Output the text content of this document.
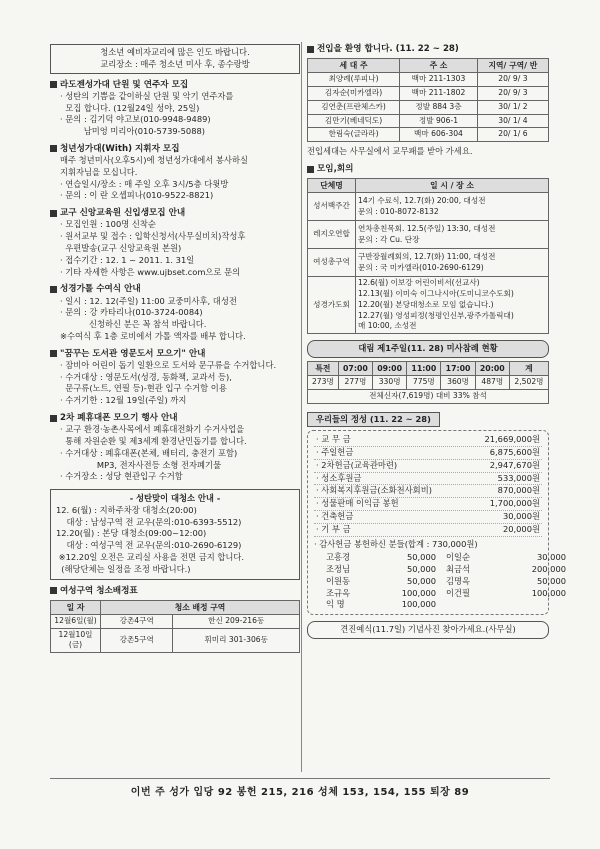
청소년 예비자교리에 많은 인도 바랍니다.
교리장소 : 매주 청소년 미사 후, 종수랑방
라도젠성가대 단원 및 연주자 모집
· 성탄의 기쁨을 같이하실 단원 및 악기 연주자를
모집 합니다. (12월24일 성야, 25일)
· 문의 : 김기덕 야고보(010-9948-9489)
남미엉 미리아(010-5739-5088)
청년성가대(With) 지휘자 모집
매주 청년미사(오후5시)에 청년성가대에서 봉사하실
지휘자님을 모십니다.
· 연습일시/장소 : 매 주일 오후 3시/5층 다윗방
· 문의 : 이 란 오셉피나(010-9522-8821)
교구 신앙교육원 신입생모집 안내
· 모집인원 : 100명 신착순
· 원서교부 및 접수 : 입학신청서(사무실비치)작성후
우편발송(교구 신앙교육원 본원)
· 접수기간 : 12. 1 ~ 2011. 1. 31일
· 기타 자세한 사항은 www.ujbset.com으로 문의
성경가톨 수여식 안내
· 일시 : 12. 12(주일) 11:00 교중미사후, 대성전
· 문의 : 강 카타리나(010-3724-0084)
신청하신 분은 꼭 참석 바랍니다.
※수여식 후 1층 로비에서 가톨 액자를 배부 합니다.
"꿈꾸는 도서관 영문도서 모으기" 안내
· 잠비아 어린이 돕기 일환으로 도서와 문구류을 수거합니다.
· 수거대상 : 영문도서(성경, 동화책, 교과서 등),
문구류(노트, 연필 등)-현관 입구 수거함 이용
· 수거기한 : 12월 19일(주일) 까지
2차 폐휴대폰 모으기 행사 안내
· 교구 환경·농촌사목에서 폐휴대전화기 수거사업을
통해 자원순환 및 제3세계 환경난민돕기를 합니다.
· 수거대상 : 폐휴대폰(본체, 배터리, 충전기 포함)
MP3, 전자사전등 소형 전자폐기물
· 수거장소 : 성당 현관입구 수거함
- 성탄맞이 대청소 안내 -
12. 6(월) : 지하주차장 대청소(20:00)
대상 : 남성구역 전 교우(문의:010-6393-5512)
12.20(월) : 본당 대청소(09:00~12:00)
대상 : 여성구역 전 교우(문의:010-2690-6129)
※12.20일 오전은 교리실 사용을 전면 금지 합니다.
(해당단체는 일정을 조정 바랍니다.)
여성구역 청소배정표
일 자	청소 배정 구역	
12월6일(월)	강촌4구역	한신 209-216동
12월10일(금)	강촌5구역	휘미리 301-306동
전입을 환영 합니다. (11. 22 ~ 28)
세 대 주	주 소	지역/ 구역/ 반
최양례(루피나)	백마 211-1303	20/ 9/ 3
김자순(미카엘라)	백마 211-1802	20/ 9/ 3
김연춘(프란체스카)	정발 884 3층	30/ 1/ 2
김만기(베네딕도)	정발 906-1	30/ 1/ 4
한림숙(글라라)	백마 606-304	20/ 1/ 6
전입세대는 사무실에서 교무패를 받아 가세요.
모임,회의
단체명	일 시 / 장 소
성서백주간	14기 수료식, 12.7(화) 20:00, 대성전
문의 : 010-8072-8132
레지오연합	연차총친목회. 12.5(주일) 13:30, 대성전
문의 : 각 Cu. 단장
여성총구역	구반장월례회의, 12.7(화) 11:00, 대성전
문의 : 국 미카엘라(010-2690-6129)
성경가도회	12.6(월) 이보강 어린이비서(선교사)
12.13(월) 이미숙 이그나시아(도미니코수도회)
12.20(월) 본당대청소로 모임 없습니다.)
12.27(월) 영성피정(청평인신부,광주가톨릭대)
매 10:00, 소성전
대림 제1주일(11. 28) 미사참례 현황
특전	07:00	09:00	11:00	17:00	20:00	계
273명	277명	330명	775명	360명	487명	2,502명
전체신자(7,619명) 대비 33% 참석						
우리들의 정성 (11. 22 ~ 28)
· 교 무 금	21,669,000원
· 주일헌금	6,875,600원
· 2차헌금(교육관마련)	2,947,670원
· 성소후원금	533,000원
· 사회복지후원금(소화천사회비)	870,000원
· 성물판매 이익금 봉헌	1,700,000원
· 건축헌금	30,000원
· 기 부 금	20,000원
· 감사헌금 봉헌하신 분들(합계 : 730,000원)
고흥경	50,000 이일순	30,000
조정님	50,000 최금석	200,000
이원동	50,000 김명옥	50,000
조규옥	100,000 이건필	100,000
익 명	100,000
견진예식(11.7일) 기념사진 찾아가세요.(사무실)
이번 주 성가 입당 92 봉헌 215, 216 성체 153, 154, 155 퇴장 89
